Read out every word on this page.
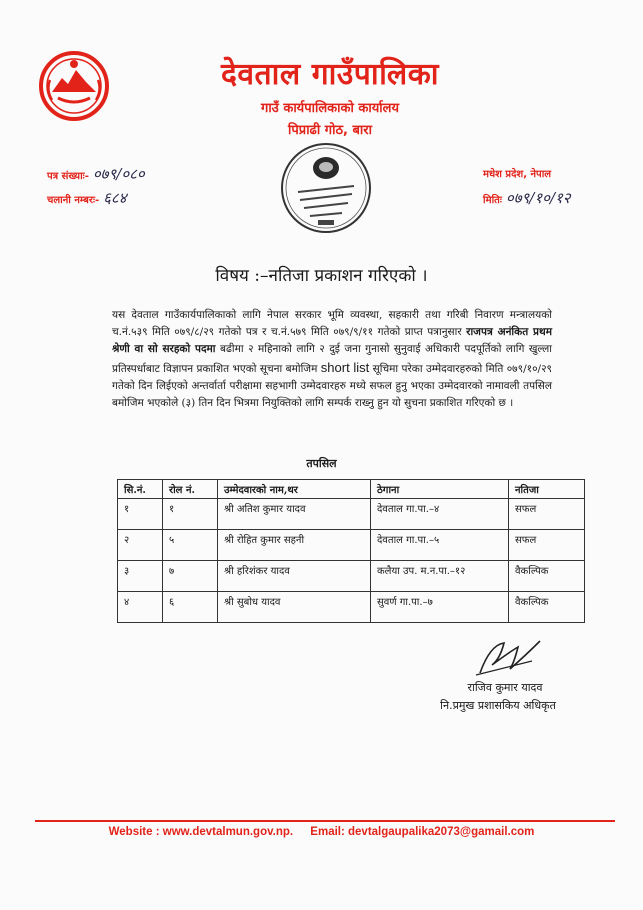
देवताल गाउँपालिका
गाउँ कार्यपालिकाको कार्यालय
पिप्राढी गोठ, बारा
पत्र संख्याः- ०७९/०८०
चलानी नम्बरः- ६८४
मधेश प्रदेश, नेपाल
मितिः ०७९/१०/१२
विषय :–नतिजा प्रकाशन गरिएको ।
यस देवताल गाउँकार्यपालिकाको लागि नेपाल सरकार भूमि व्यवस्था, सहकारी तथा गरिबी निवारण मन्त्रालयको च.नं.५३९ मिति ०७९/८/२९ गतेको पत्र र च.नं.५७९ मिति ०७९/९/११ गतेको प्राप्त पत्रानुसार राजपत्र अनंकित प्रथम श्रेणी वा सो सरहको पदमा बढीमा २ महिनाको लागि २ दुई जना गुनासो सुनुवाई अधिकारी पदपूर्तिको लागि खुल्ला प्रतिस्पर्धाबाट विज्ञापन प्रकाशित भएको सूचना बमोजिम short list सूचिमा परेका उम्मेदवारहरुको मिति ०७९/१०/२९ गतेको दिन लिईएको अन्तर्वार्ता परीक्षामा सहभागी उम्मेदवारहरु मध्ये सफल हुनु भएका उम्मेदवारको नामावली तपसिल बमोजिम भएकोले (३) तिन दिन भित्रमा नियुक्तिको लागि सम्पर्क राख्नु हुन यो सुचना प्रकाशित गरिएको छ ।
तपसिल
सि.नं.	रोल नं.	उम्मेदवारको नाम,थर	ठेगाना	नतिजा
१	१	श्री अतिश कुमार यादव	देवताल गा.पा.–४	सफल
२	५	श्री रोहित कुमार सहनी	देवताल गा.पा.–५	सफल
३	७	श्री हरिशंकर यादव	कलैया उप. म.न.पा.–१२	वैकल्पिक
४	६	श्री सुबोध यादव	सुवर्ण गा.पा.–७	वैकल्पिक
राजिव कुमार यादव
नि.प्रमुख प्रशासकिय अधिकृत
Website : www.devtalmun.gov.np. Email: devtalgaupalika2073@gamail.com
